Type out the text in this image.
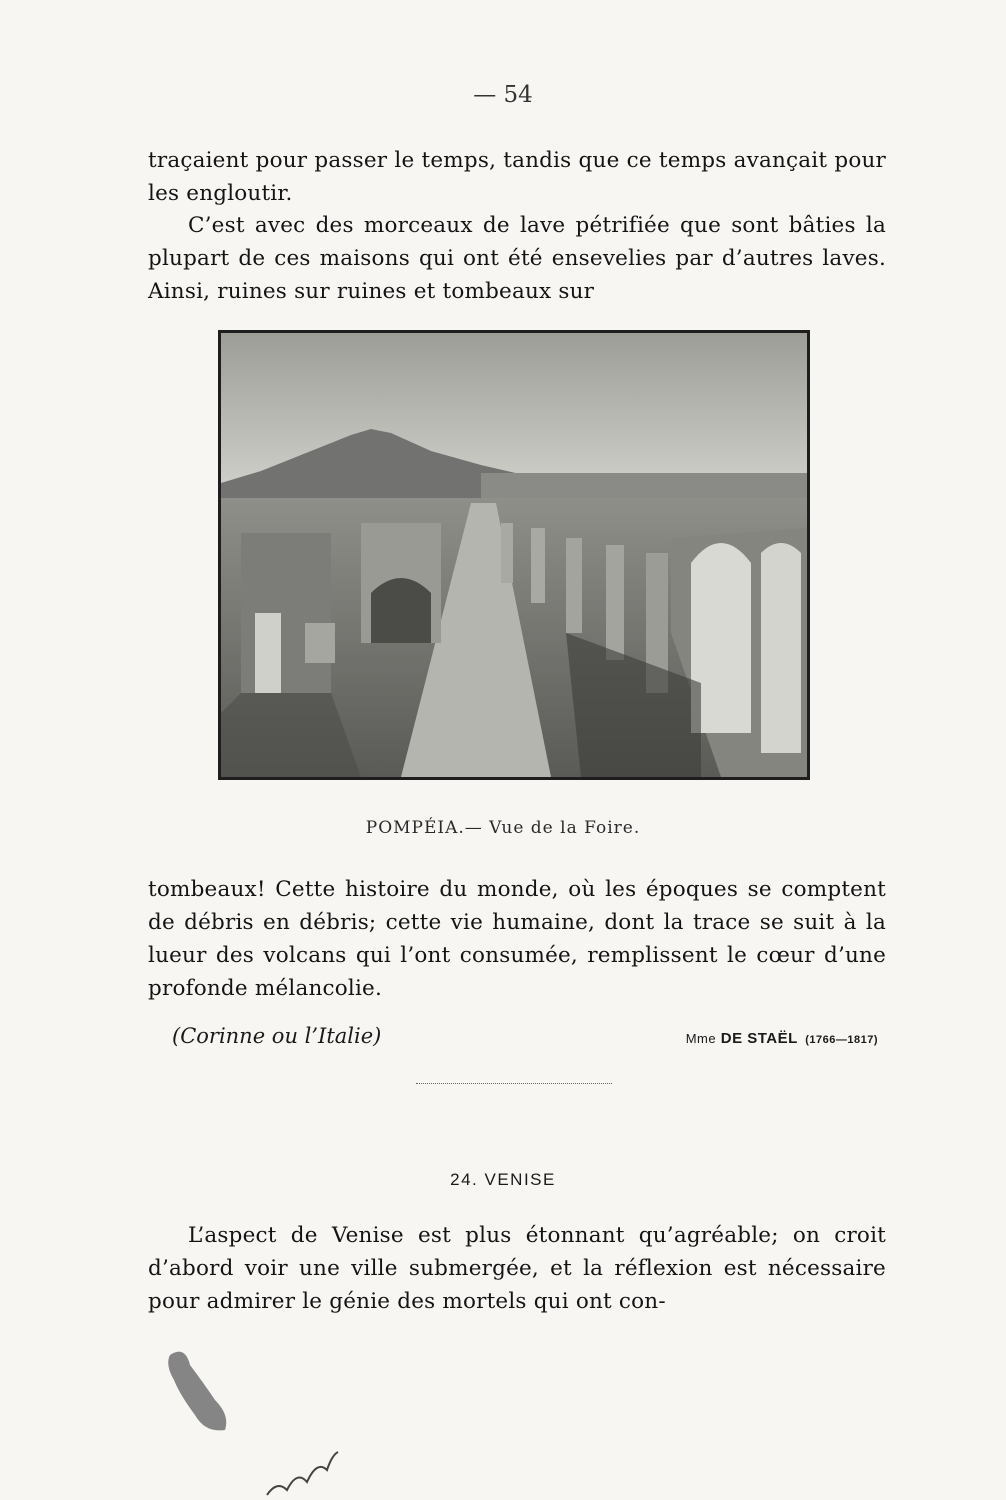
— 54

traçaient pour passer le temps, tandis que ce temps avançait pour les engloutir.

C’est avec des morceaux de lave pétrifiée que sont bâties la plupart de ces maisons qui ont été ensevelies par d’autres laves. Ainsi, ruines sur ruines et tombeaux sur

POMPÉIA.— Vue de la Foire.

tombeaux! Cette histoire du monde, où les époques se comptent de débris en débris; cette vie humaine, dont la trace se suit à la lueur des volcans qui l’ont consumée, remplissent le cœur d’une profonde mélancolie.

(Corinne ou l’Italie)	Mme DE STAËL (1766—1817)
24. VENISE

L’aspect de Venise est plus étonnant qu’agréable; on croit d’abord voir une ville submergée, et la réflexion est nécessaire pour admirer le génie des mortels qui ont con-
